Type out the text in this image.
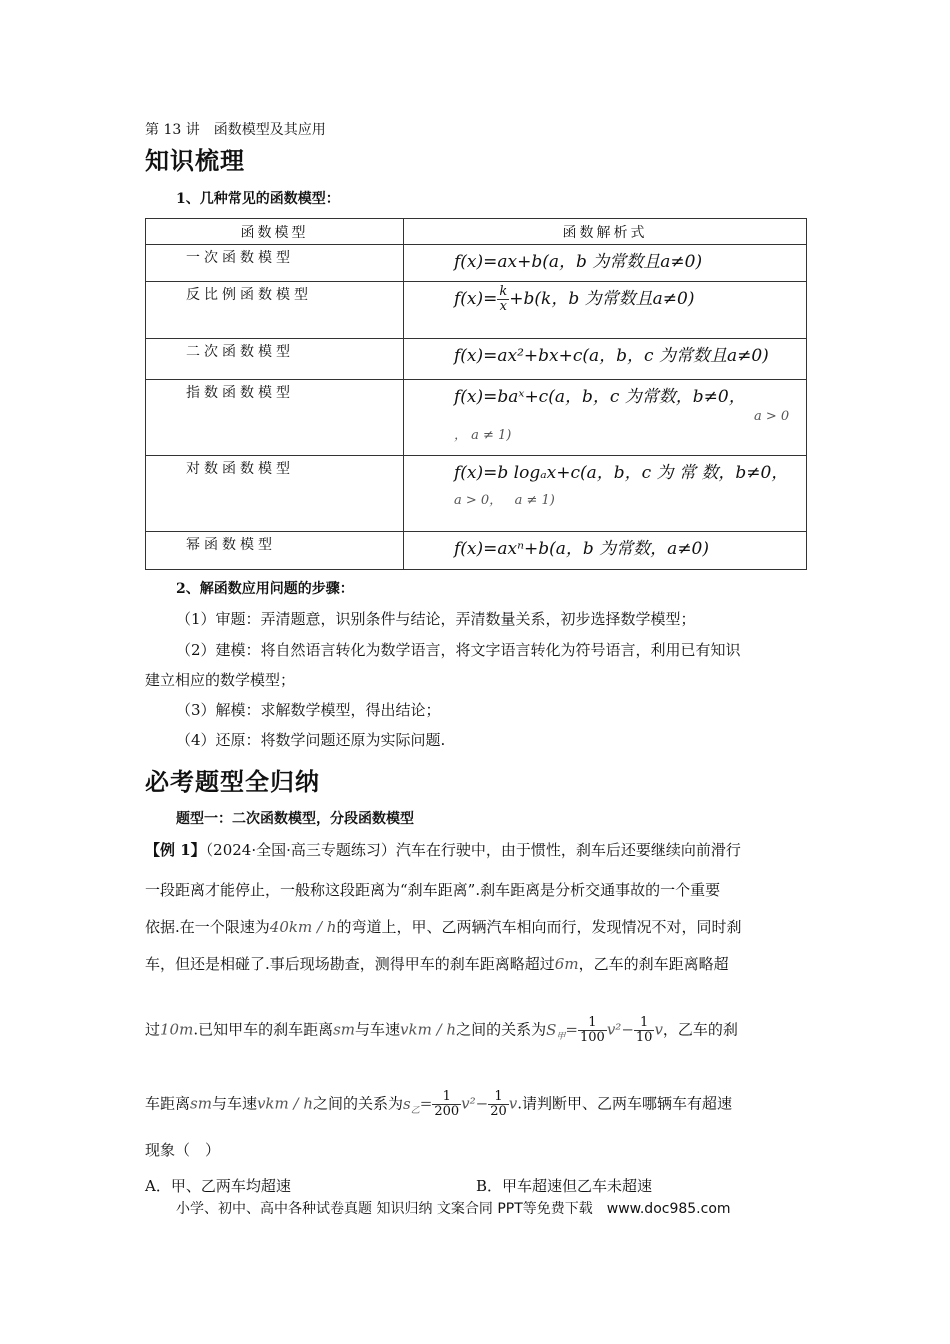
第 13 讲　函数模型及其应用
知识梳理
1、几种常见的函数模型：
函数模型	函数解析式
一次函数模型	f(x)=ax+b(a，b 为常数且a≠0)
反比例函数模型	$f(x)= \frac{k}{x} +b(k$，b 为常数且a≠0)
二次函数模型	f(x)=ax²+bx+c(a，b，c 为常数且a≠0)
指数函数模型	f(x)=baˣ+c(a，b，c 为常数，b≠0，
a > 0
， a ≠ 1)

对数函数模型	f(x)=b logₐx+c(a，b，c 为 常 数，b≠0，
a > 0， a ≠ 1)

幂函数模型	f(x)=axⁿ+b(a，b 为常数，a≠0)
2、解函数应用问题的步骤：
（1）审题：弄清题意，识别条件与结论，弄清数量关系，初步选择数学模型；
（2）建模：将自然语言转化为数学语言，将文字语言转化为符号语言，利用已有知识
建立相应的数学模型；
（3）解模：求解数学模型，得出结论；
（4）还原：将数学问题还原为实际问题.
必考题型全归纳
题型一：二次函数模型，分段函数模型
【例 1】（2024·全国·高三专题练习）汽车在行驶中，由于惯性，刹车后还要继续向前滑行
一段距离才能停止，一般称这段距离为“刹车距离”.刹车距离是分析交通事故的一个重要
依据.在一个限速为40km / h的弯道上，甲、乙两辆汽车相向而行，发现情况不对，同时刹
车，但还是相碰了.事后现场勘查，测得甲车的刹车距离略超过6m，乙车的刹车距离略超
过10m.已知甲车的刹车距离sm与车速vkm / h之间的关系为$S_甲= \frac{1}{100} v^2- \frac{1}{10}$ v，乙车的刹
车距离sm与车速vkm / h之间的关系为$s_乙= \frac{1}{200} v^2- \frac{1}{20} v$.请判断甲、乙两车哪辆车有超速
现象（　）
A．甲、乙两车均超速	B．甲车超速但乙车未超速
小学、初中、高中各种试卷真题 知识归纳 文案合同 PPT等免费下载　www.doc985.com
